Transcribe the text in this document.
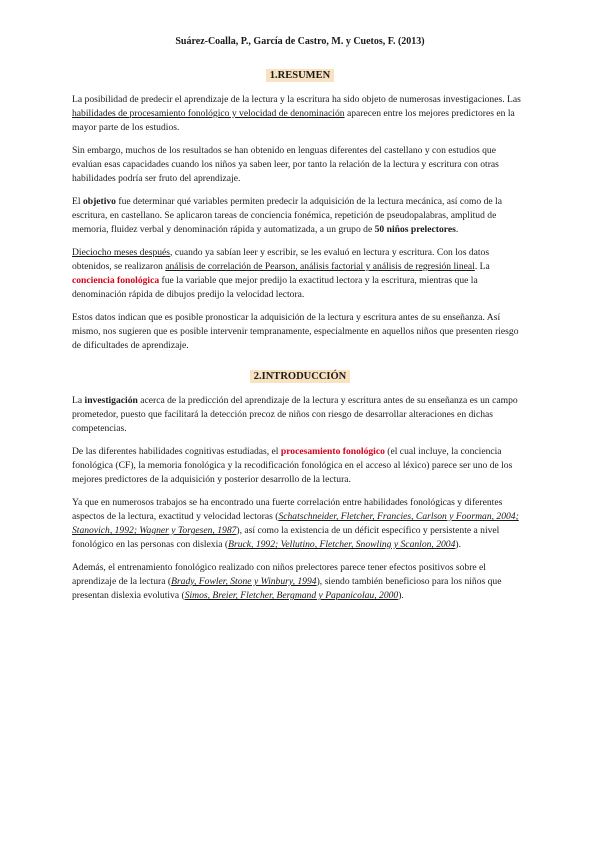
Suárez-Coalla, P., García de Castro, M. y Cuetos, F. (2013)
1.RESUMEN

La posibilidad de predecir el aprendizaje de la lectura y la escritura ha sido objeto de numerosas investigaciones. Las habilidades de procesamiento fonológico y velocidad de denominación aparecen entre los mejores predictores en la mayor parte de los estudios.

Sin embargo, muchos de los resultados se han obtenido en lenguas diferentes del castellano y con estudios que evalúan esas capacidades cuando los niños ya saben leer, por tanto la relación de la lectura y escritura con otras habilidades podría ser fruto del aprendizaje.

El objetivo fue determinar qué variables permiten predecir la adquisición de la lectura mecánica, así como de la escritura, en castellano. Se aplicaron tareas de conciencia fonémica, repetición de pseudopalabras, amplitud de memoria, fluidez verbal y denominación rápida y automatizada, a un grupo de 50 niños prelectores.

Dieciocho meses después, cuando ya sabían leer y escribir, se les evaluó en lectura y escritura. Con los datos obtenidos, se realizaron análisis de correlación de Pearson, análisis factorial y análisis de regresión lineal. La conciencia fonológica fue la variable que mejor predijo la exactitud lectora y la escritura, mientras que la denominación rápida de dibujos predijo la velocidad lectora.

Estos datos indican que es posible pronosticar la adquisición de la lectura y escritura antes de su enseñanza. Así mismo, nos sugieren que es posible intervenir tempranamente, especialmente en aquellos niños que presenten riesgo de dificultades de aprendizaje.

2.INTRODUCCIÓN

La investigación acerca de la predicción del aprendizaje de la lectura y escritura antes de su enseñanza es un campo prometedor, puesto que facilitará la detección precoz de niños con riesgo de desarrollar alteraciones en dichas competencias.

De las diferentes habilidades cognitivas estudiadas, el procesamiento fonológico (el cual incluye, la conciencia fonológica (CF), la memoria fonológica y la recodificación fonológica en el acceso al léxico) parece ser uno de los mejores predictores de la adquisición y posterior desarrollo de la lectura.

Ya que en numerosos trabajos se ha encontrado una fuerte correlación entre habilidades fonológicas y diferentes aspectos de la lectura, exactitud y velocidad lectoras (Schatschneider, Fletcher, Francies, Carlson y Foorman, 2004; Stanovich, 1992; Wagner y Torgesen, 1987), así como la existencia de un déficit específico y persistente a nivel fonológico en las personas con dislexia (Bruck, 1992; Vellutino, Fletcher, Snowling y Scanlon, 2004).

Además, el entrenamiento fonológico realizado con niños prelectores parece tener efectos positivos sobre el aprendizaje de la lectura (Brady, Fowler, Stone y Winbury, 1994), siendo también beneficioso para los niños que presentan dislexia evolutiva (Simos, Breier, Fletcher, Bergmand y Papanicolau, 2000).
